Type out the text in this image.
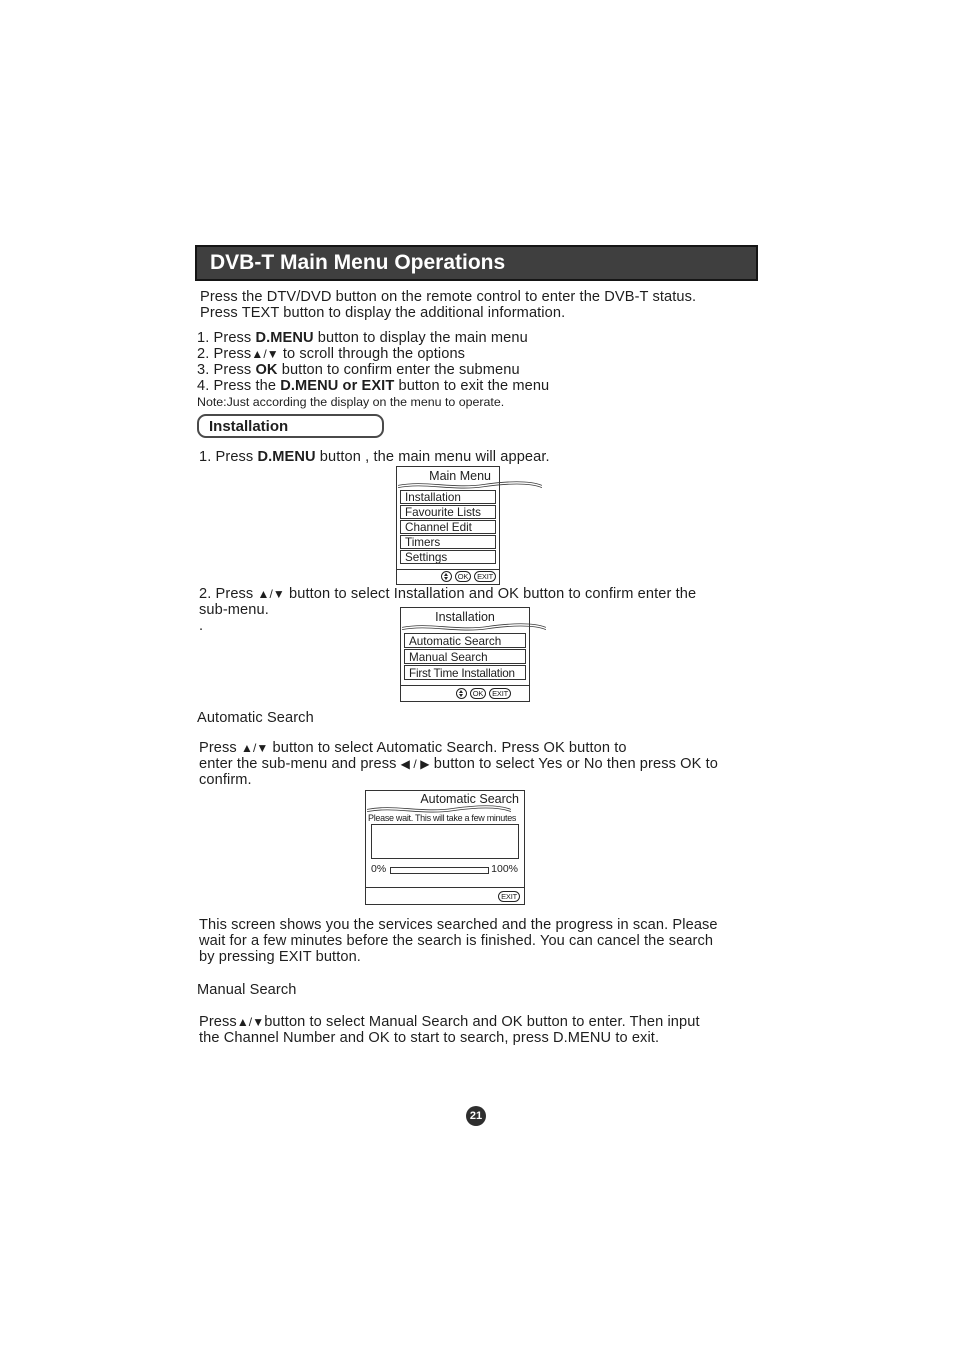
DVB-T Main Menu Operations
Press the DTV/DVD button on the remote control to enter the DVB-T status.
Press TEXT button to display the additional information.
1. Press D.MENU button to display the main menu
2. Press▲/▼ to scroll through the options
3. Press OK button to confirm enter the submenu
4. Press the D.MENU or EXIT button to exit the menu
Note:Just according the display on the menu to operate.
Installation
1. Press D.MENU button , the main menu will appear.
Main Menu
Installation
Favourite Lists
Channel Edit
Timers
Settings
OK	EXIT
2. Press ▲/▼ button to select Installation and OK button to confirm enter the
sub-menu.
.
Installation
Automatic Search
Manual Search
First Time Installation
OK	EXIT
Automatic Search
Press ▲/▼ button to select Automatic Search. Press OK button to
enter the sub-menu and press ◀ / ▶ button to select Yes or No then press OK to
confirm.
Automatic Search
Please wait. This will take a few minutes
0%	100%
EXIT
This screen shows you the services searched and the progress in scan. Please
wait for a few minutes before the search is finished. You can cancel the search
by pressing EXIT button.
Manual Search
Press▲/▼button to select Manual Search and OK button to enter. Then input
the Channel Number and OK to start to search, press D.MENU to exit.
21
